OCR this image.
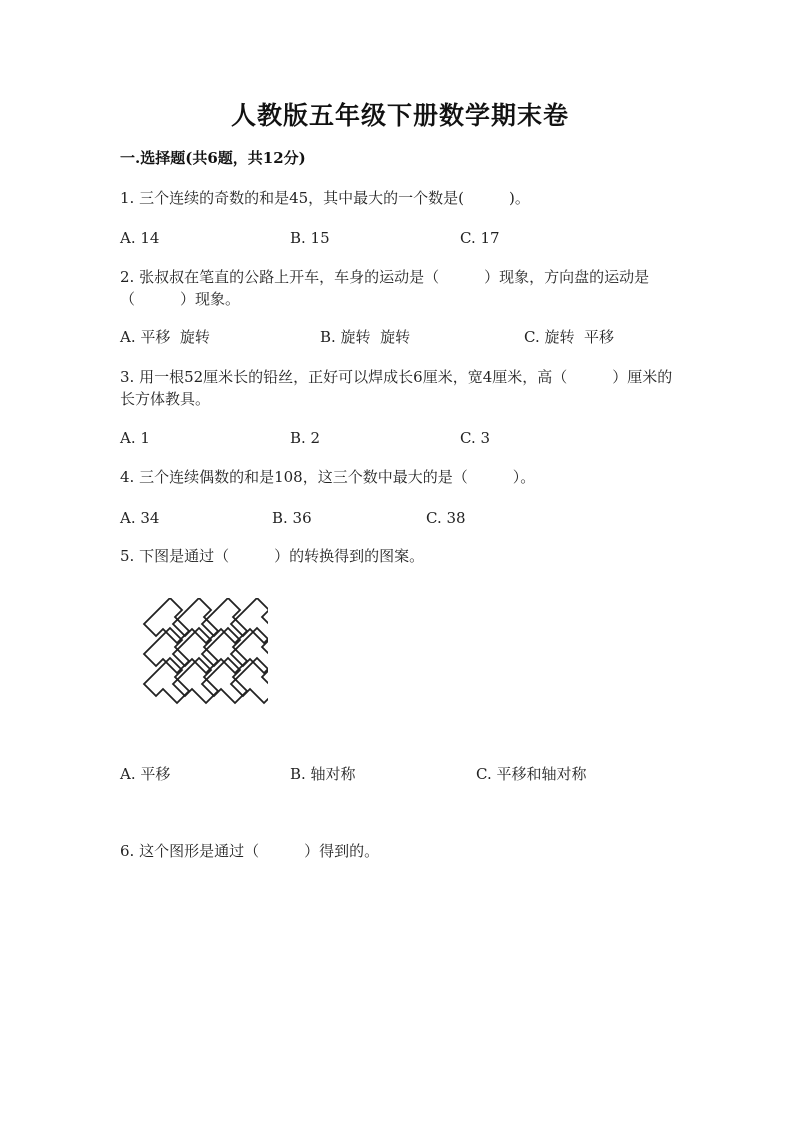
人教版五年级下册数学期末卷
一.选择题(共6题，共12分)
1. 三个连续的奇数的和是45，其中最大的一个数是(　　　)。
A. 14	B. 15	C. 17
2. 张叔叔在笔直的公路上开车，车身的运动是（　　　）现象，方向盘的运动是（　　　）现象。
A. 平移  旋转	B. 旋转  旋转	C. 旋转  平移
3. 用一根52厘米长的铅丝，正好可以焊成长6厘米，宽4厘米，高（　　　）厘米的长方体教具。
A. 1	B. 2	C. 3
4. 三个连续偶数的和是108，这三个数中最大的是（　　　）。
A. 34	B. 36	C. 38
5. 下图是通过（　　　）的转换得到的图案。
A. 平移	B. 轴对称	C. 平移和轴对称
6. 这个图形是通过（　　　）得到的。
